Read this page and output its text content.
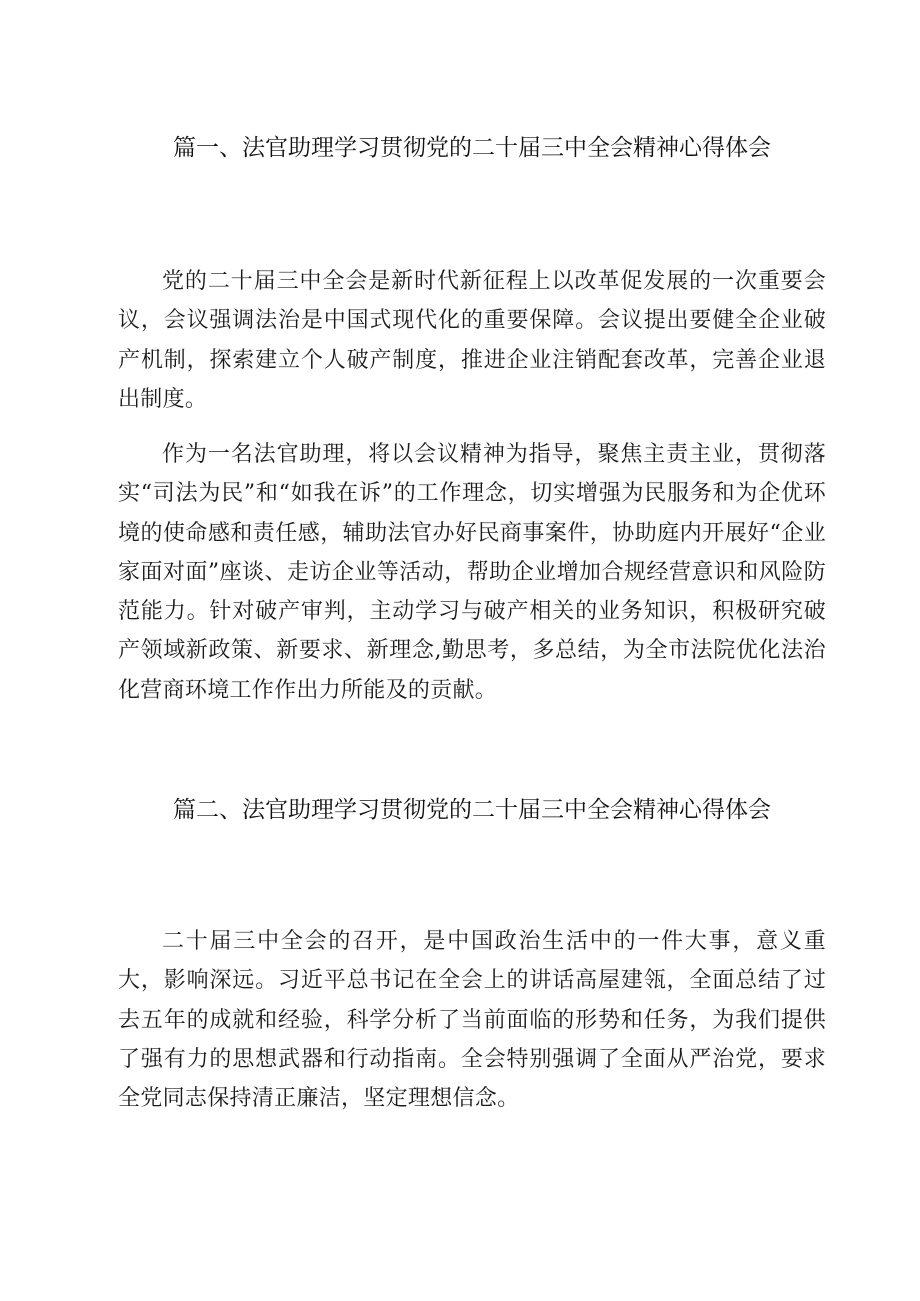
篇一、法官助理学习贯彻党的二十届三中全会精神心得体会

党的二十届三中全会是新时代新征程上以改革促发展的一次重要会议，会议强调法治是中国式现代化的重要保障。会议提出要健全企业破产机制，探索建立个人破产制度，推进企业注销配套改革，完善企业退出制度。

作为一名法官助理，将以会议精神为指导，聚焦主责主业，贯彻落实“司法为民”和“如我在诉”的工作理念，切实增强为民服务和为企优环境的使命感和责任感，辅助法官办好民商事案件，协助庭内开展好“企业家面对面”座谈、走访企业等活动，帮助企业增加合规经营意识和风险防范能力。针对破产审判，主动学习与破产相关的业务知识，积极研究破产领域新政策、新要求、新理念,勤思考，多总结，为全市法院优化法治化营商环境工作作出力所能及的贡献。

篇二、法官助理学习贯彻党的二十届三中全会精神心得体会

二十届三中全会的召开，是中国政治生活中的一件大事，意义重大，影响深远。习近平总书记在全会上的讲话高屋建瓴，全面总结了过去五年的成就和经验，科学分析了当前面临的形势和任务，为我们提供了强有力的思想武器和行动指南。全会特别强调了全面从严治党，要求全党同志保持清正廉洁，坚定理想信念。
